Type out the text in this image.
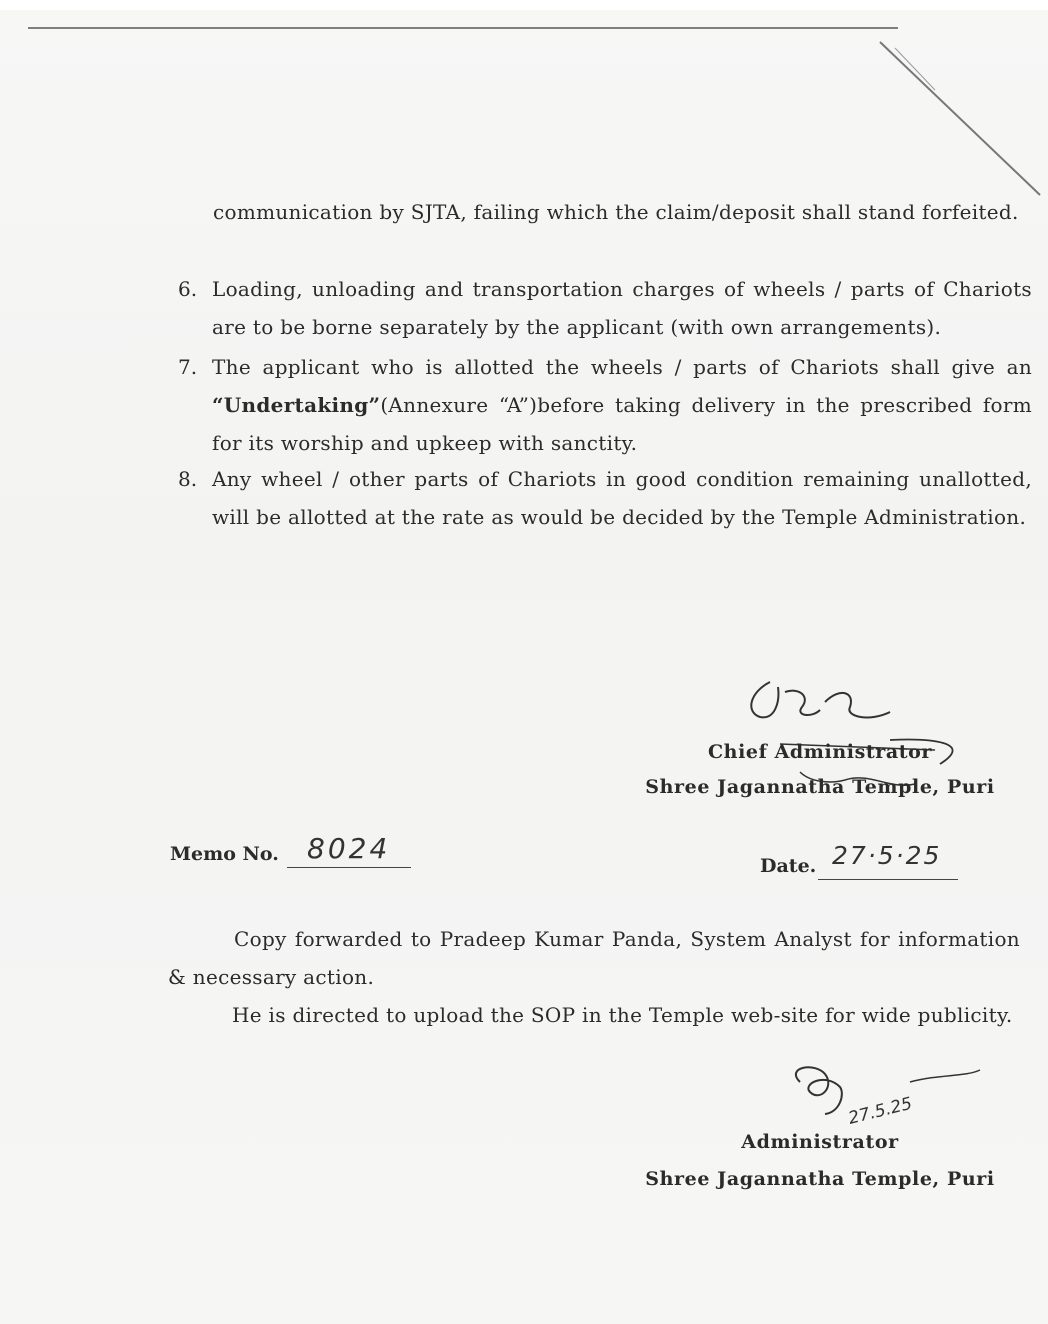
communication by SJTA, failing which the claim/deposit shall stand forfeited.
6. Loading, unloading and transportation charges of wheels / parts of Chariots are to be borne separately by the applicant (with own arrangements).
7. The applicant who is allotted the wheels / parts of Chariots shall give an “Undertaking”(Annexure “A”)before taking delivery in the prescribed form for its worship and upkeep with sanctity.
8. Any wheel / other parts of Chariots in good condition remaining unallotted, will be allotted at the rate as would be decided by the Temple Administration.
Chief Administrator
Shree Jagannatha Temple, Puri
Memo No. 8024
Date. 27·5·25
Copy forwarded to Pradeep Kumar Panda, System Analyst for information & necessary action.
He is directed to upload the SOP in the Temple web-site for wide publicity.
27.5.25
Administrator
Shree Jagannatha Temple, Puri
